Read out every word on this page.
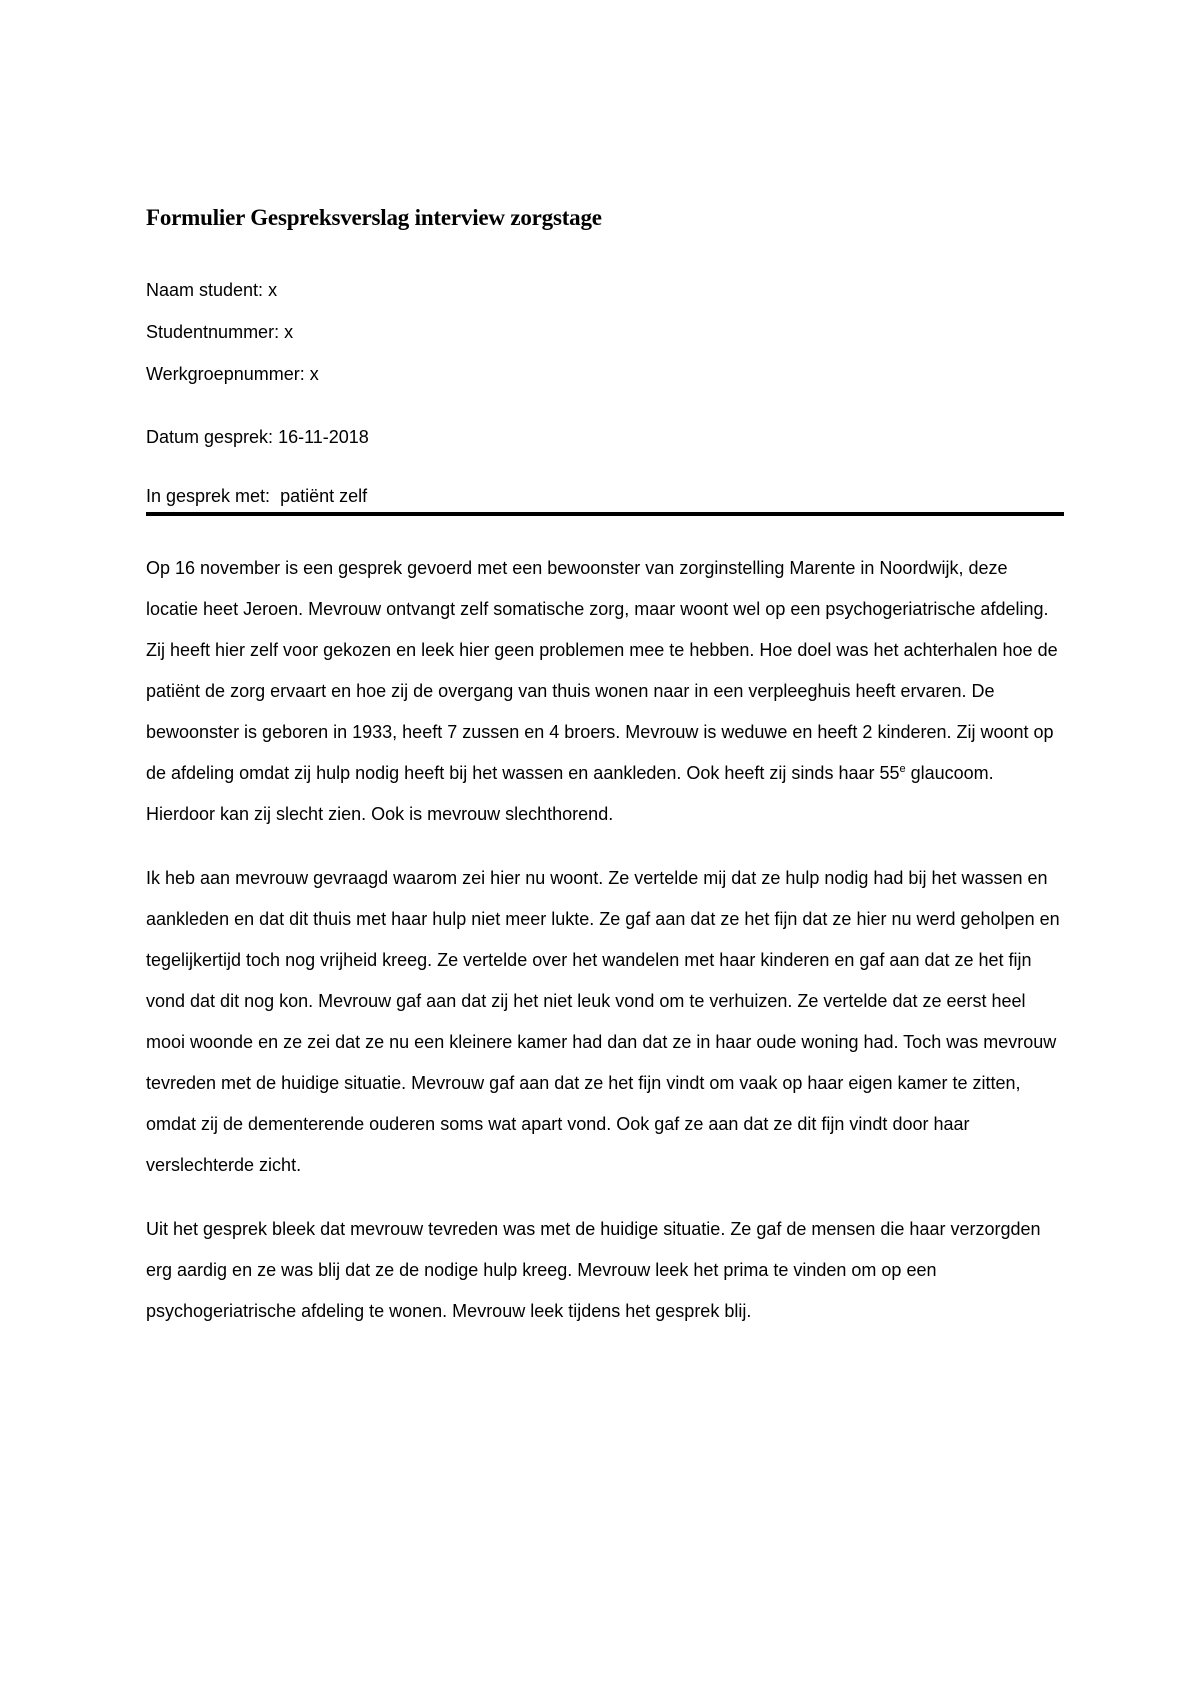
Formulier Gespreksverslag interview zorgstage

Naam student: x

Studentnummer: x

Werkgroepnummer: x

Datum gesprek: 16-11-2018

In gesprek met: patiënt zelf

Op 16 november is een gesprek gevoerd met een bewoonster van zorginstelling Marente in Noordwijk, deze locatie heet Jeroen. Mevrouw ontvangt zelf somatische zorg, maar woont wel op een psychogeriatrische afdeling. Zij heeft hier zelf voor gekozen en leek hier geen problemen mee te hebben. Hoe doel was het achterhalen hoe de patiënt de zorg ervaart en hoe zij de overgang van thuis wonen naar in een verpleeghuis heeft ervaren. De bewoonster is geboren in 1933, heeft 7 zussen en 4 broers. Mevrouw is weduwe en heeft 2 kinderen. Zij woont op de afdeling omdat zij hulp nodig heeft bij het wassen en aankleden. Ook heeft zij sinds haar 55e glaucoom. Hierdoor kan zij slecht zien. Ook is mevrouw slechthorend.

Ik heb aan mevrouw gevraagd waarom zei hier nu woont. Ze vertelde mij dat ze hulp nodig had bij het wassen en aankleden en dat dit thuis met haar hulp niet meer lukte. Ze gaf aan dat ze het fijn dat ze hier nu werd geholpen en tegelijkertijd toch nog vrijheid kreeg. Ze vertelde over het wandelen met haar kinderen en gaf aan dat ze het fijn vond dat dit nog kon. Mevrouw gaf aan dat zij het niet leuk vond om te verhuizen. Ze vertelde dat ze eerst heel mooi woonde en ze zei dat ze nu een kleinere kamer had dan dat ze in haar oude woning had. Toch was mevrouw tevreden met de huidige situatie. Mevrouw gaf aan dat ze het fijn vindt om vaak op haar eigen kamer te zitten, omdat zij de dementerende ouderen soms wat apart vond. Ook gaf ze aan dat ze dit fijn vindt door haar verslechterde zicht.

Uit het gesprek bleek dat mevrouw tevreden was met de huidige situatie. Ze gaf de mensen die haar verzorgden erg aardig en ze was blij dat ze de nodige hulp kreeg. Mevrouw leek het prima te vinden om op een psychogeriatrische afdeling te wonen. Mevrouw leek tijdens het gesprek blij.
